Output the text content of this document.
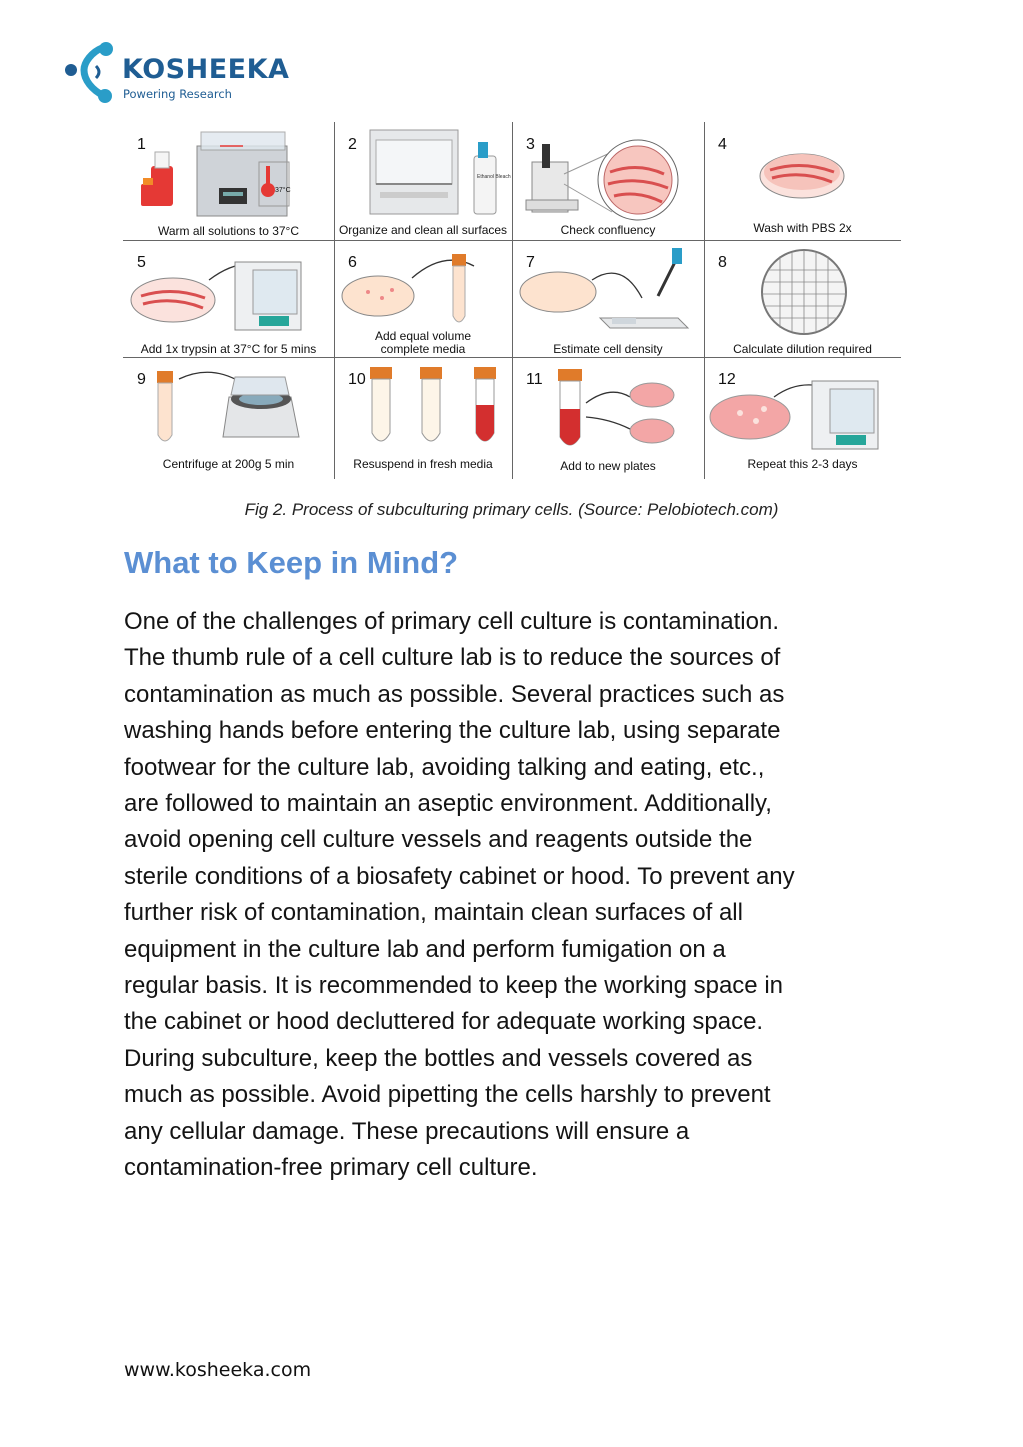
KOSHEEKA
Powering Research
1
37°C
Warm all solutions to 37°C
2
Ethanol Bleach
Organize and clean all surfaces
3
Check confluency
4
Wash with PBS 2x
5
Add 1x trypsin at 37°C for 5 mins
6
Add equal volume complete media
7
Estimate cell density
8
Calculate dilution required
9
Centrifuge at 200g 5 min
10
Resuspend in fresh media
11
Add to new plates
12
Repeat this 2-3 days
Fig 2. Process of subculturing primary cells. (Source: Pelobiotech.com)
What to Keep in Mind?
One of the challenges of primary cell culture is contamination.
The thumb rule of a cell culture lab is to reduce the sources of
contamination as much as possible. Several practices such as
washing hands before entering the culture lab, using separate
footwear for the culture lab, avoiding talking and eating, etc.,
are followed to maintain an aseptic environment. Additionally,
avoid opening cell culture vessels and reagents outside the
sterile conditions of a biosafety cabinet or hood. To prevent any
further risk of contamination, maintain clean surfaces of all
equipment in the culture lab and perform fumigation on a
regular basis. It is recommended to keep the working space in
the cabinet or hood decluttered for adequate working space.
During subculture, keep the bottles and vessels covered as
much as possible. Avoid pipetting the cells harshly to prevent
any cellular damage. These precautions will ensure a
contamination-free primary cell culture.
www.kosheeka.com
